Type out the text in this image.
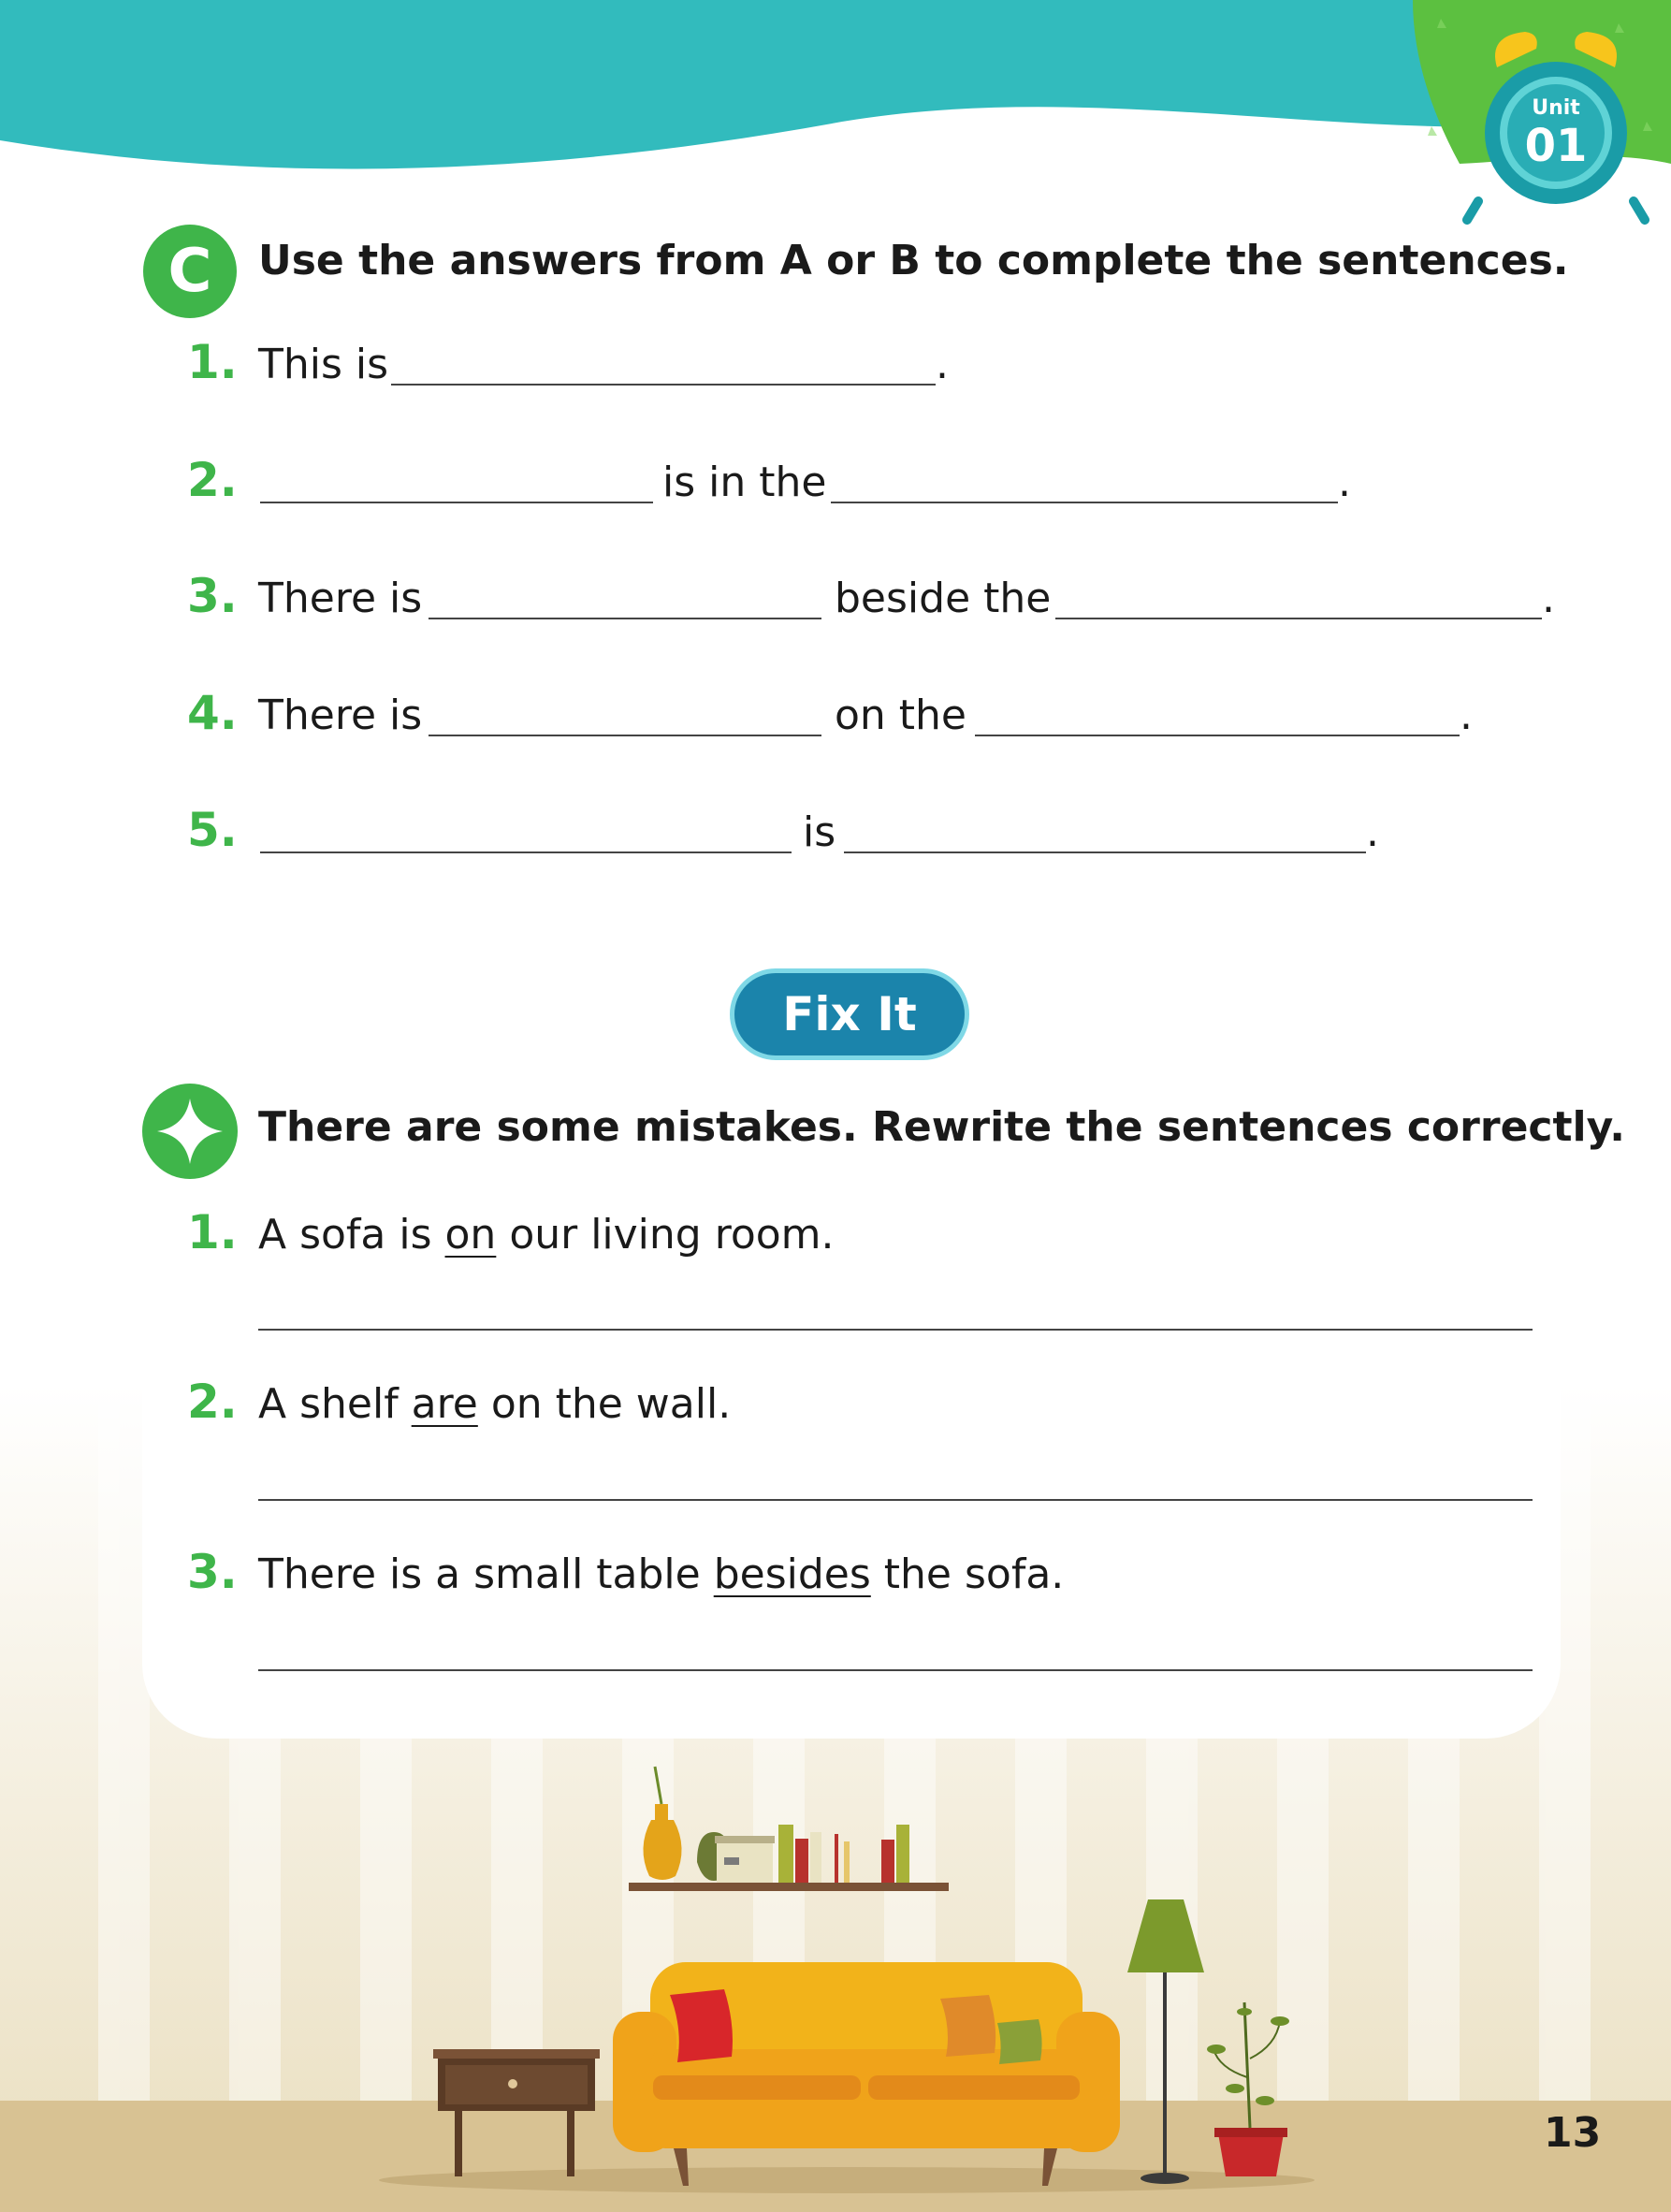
Unit
01
C	Use the answers from A or B to complete the sentences.
1. This is	.
2.	is in the	.
3. There is	beside the	.
4. There is	on the	.
5.	is	.
Fix It
There are some mistakes. Rewrite the sentences correctly.
1. A sofa is on our living room.
2. A shelf are on the wall.
3. There is a small table besides the sofa.
13
